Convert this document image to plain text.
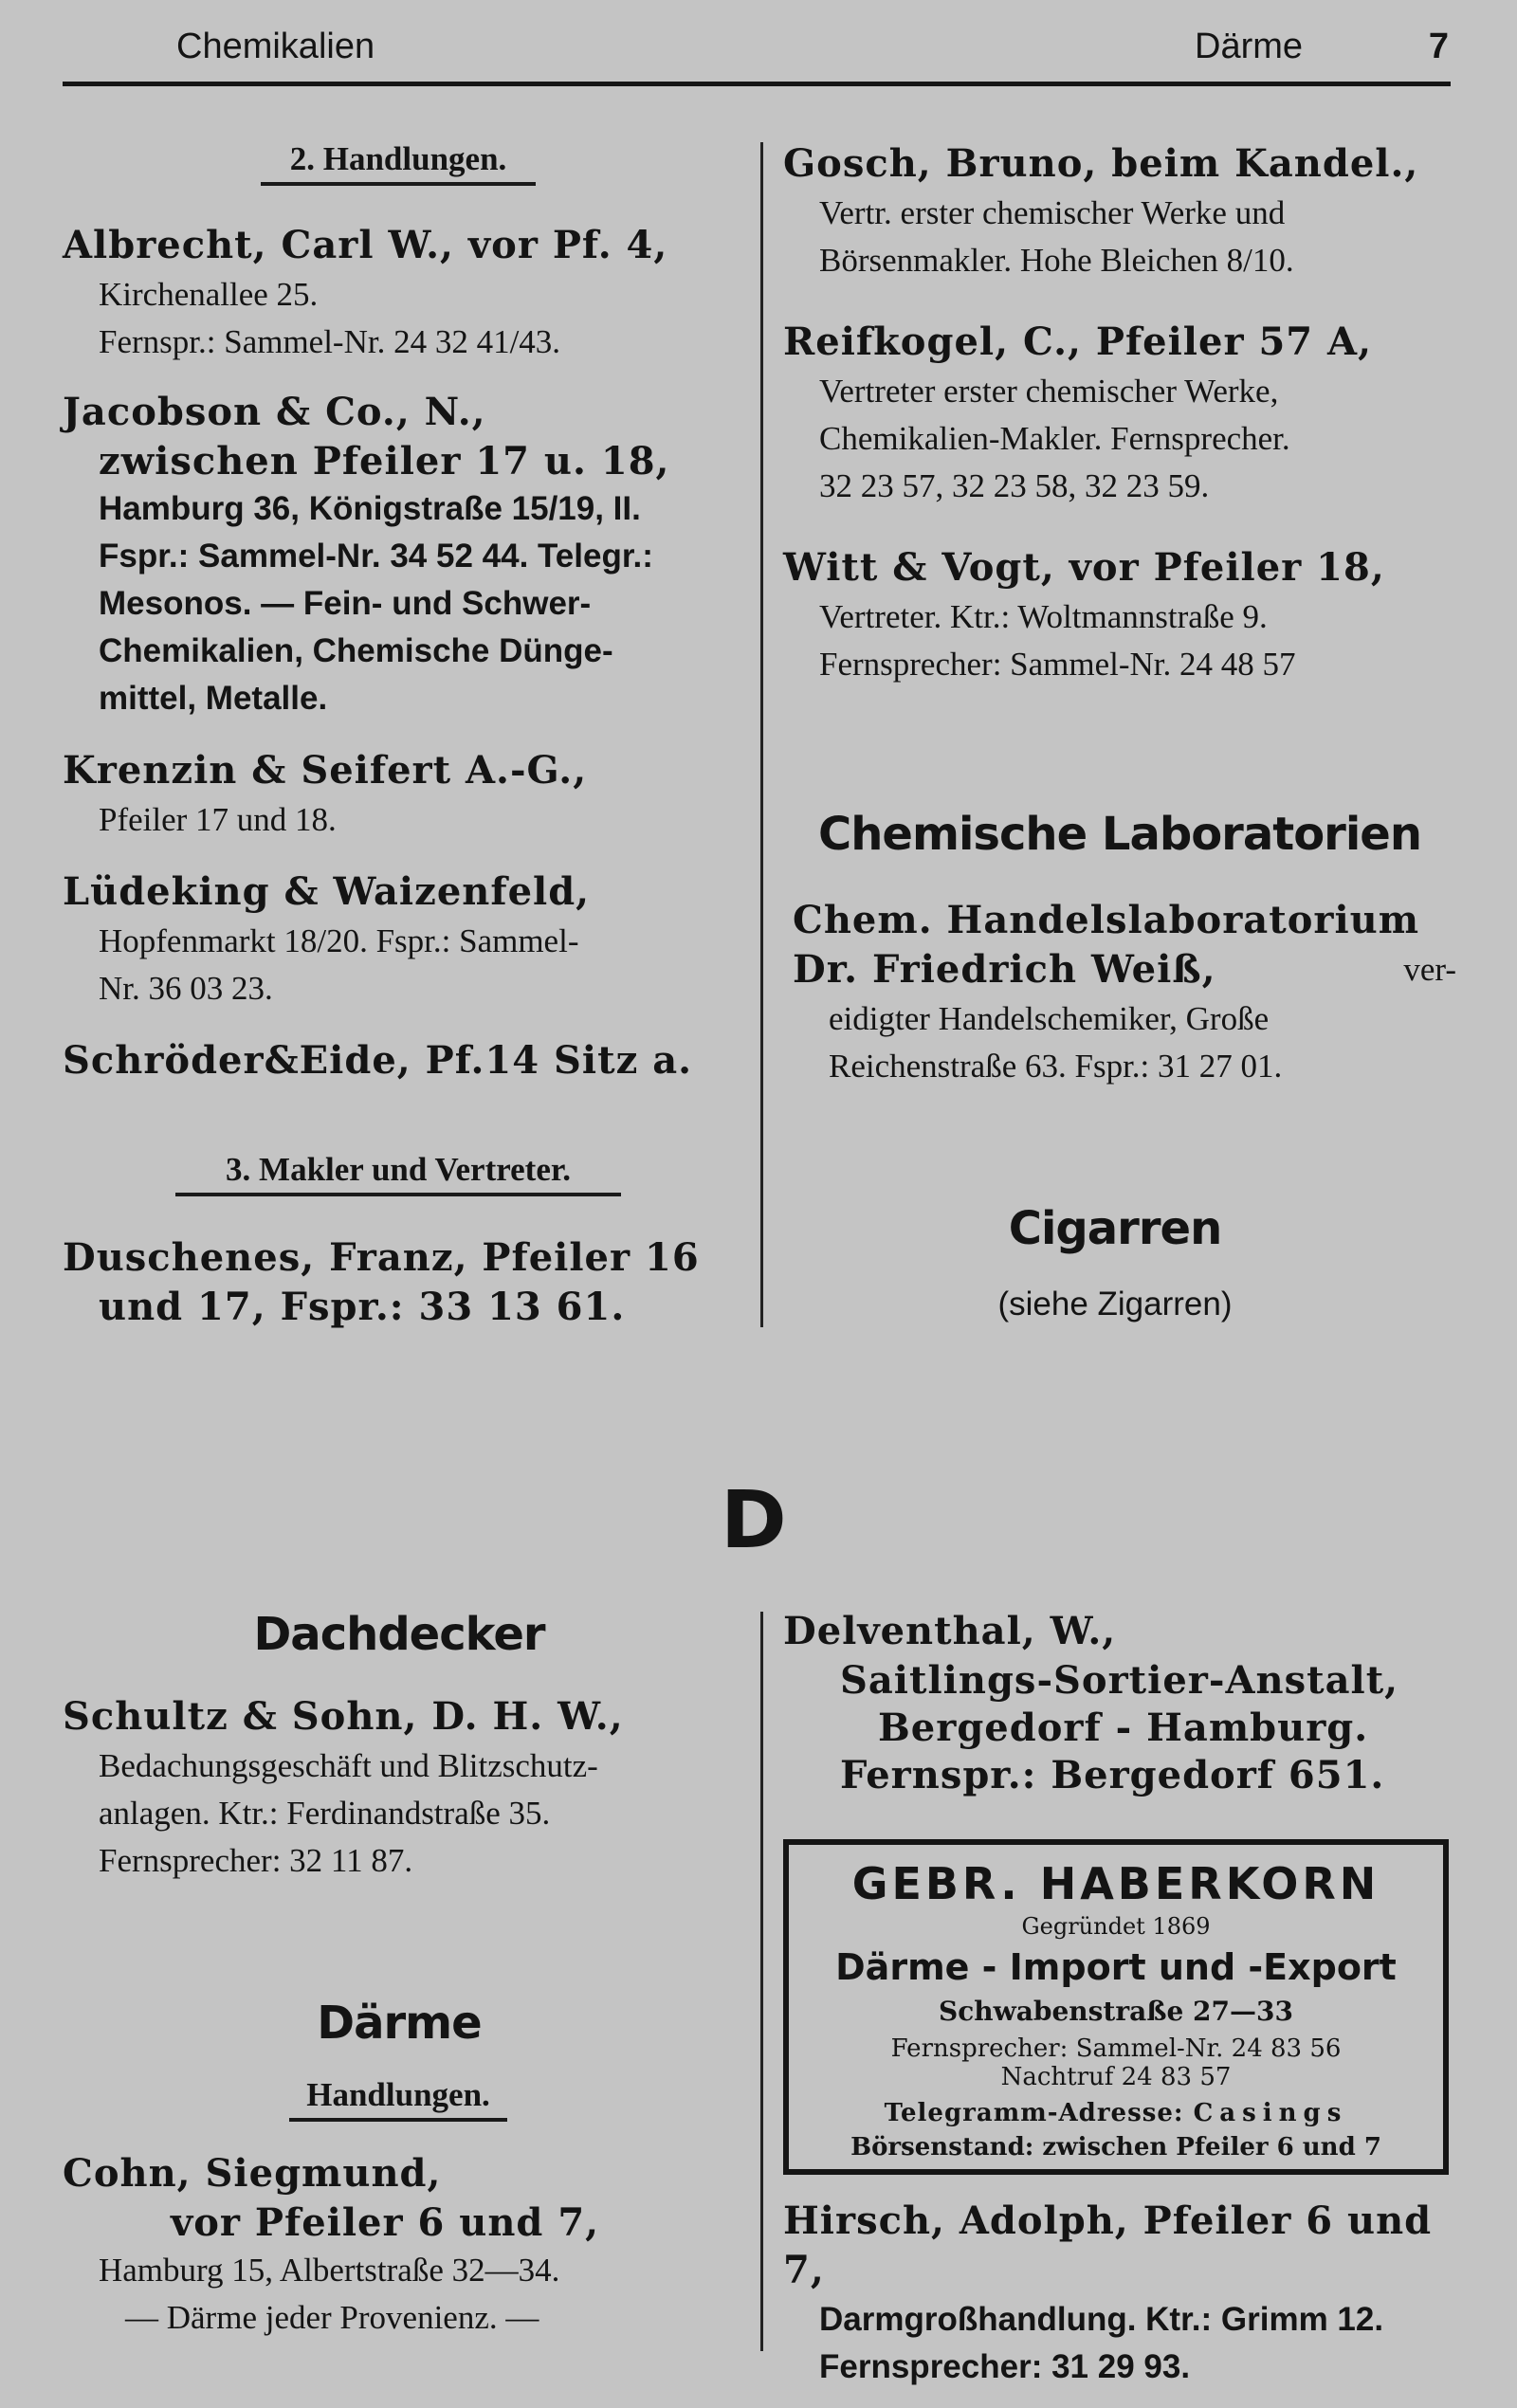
Chemikalien	Därme	7
2. Handlungen.

Albrecht, Carl W., vor Pf. 4,
Kirchenallee 25.
Fernspr.: Sammel-Nr. 24 32 41/43.

Jacobson & Co., N.,
zwischen Pfeiler 17 u. 18,
Hamburg 36, Königstraße 15/19, II.
Fspr.: Sammel-Nr. 34 52 44. Telegr.:
Mesonos. — Fein- und Schwer-
Chemikalien, Chemische Dünge-
mittel, Metalle.

Krenzin & Seifert A.-G.,
Pfeiler 17 und 18.

Lüdeking & Waizenfeld,
Hopfenmarkt 18/20. Fspr.: Sammel-
Nr. 36 03 23.

Schröder&Eide, Pf.14 Sitz a.

3. Makler und Vertreter.

Duschenes, Franz, Pfeiler 16
und 17, Fspr.: 33 13 61.

Gosch, Bruno, beim Kandel.,
Vertr. erster chemischer Werke und
Börsenmakler. Hohe Bleichen 8/10.

Reifkogel, C., Pfeiler 57 A,
Vertreter erster chemischer Werke,
Chemikalien-Makler. Fernsprecher.
32 23 57, 32 23 58, 32 23 59.

Witt & Vogt, vor Pfeiler 18,
Vertreter. Ktr.: Woltmannstraße 9.
Fernsprecher: Sammel-Nr. 24 48 57

Chemische Laboratorien

Chem. Handelslaboratorium
Dr. Friedrich Weiß,	ver-
eidigter Handelschemiker, Große
Reichenstraße 63. Fspr.: 31 27 01.

Cigarren
(siehe Zigarren)
D
Dachdecker

Schultz & Sohn, D. H. W.,
Bedachungsgeschäft und Blitzschutz-
anlagen. Ktr.: Ferdinandstraße 35.
Fernsprecher: 32 11 87.

Därme
Handlungen.

Cohn, Siegmund,
vor Pfeiler 6 und 7,
Hamburg 15, Albertstraße 32—34.
— Därme jeder Provenienz. —

Delventhal, W.,
Saitlings-Sortier-Anstalt,
Bergedorf - Hamburg.
Fernspr.: Bergedorf 651.

GEBR. HABERKORN
Gegründet 1869
Därme - Import und -Export
Schwabenstraße 27—33
Fernsprecher: Sammel-Nr. 24 83 56
Nachtruf 24 83 57
Telegramm-Adresse: Casings
Börsenstand: zwischen Pfeiler 6 und 7

Hirsch, Adolph, Pfeiler 6 und 7,
Darmgroßhandlung. Ktr.: Grimm 12.
Fernsprecher: 31 29 93.
